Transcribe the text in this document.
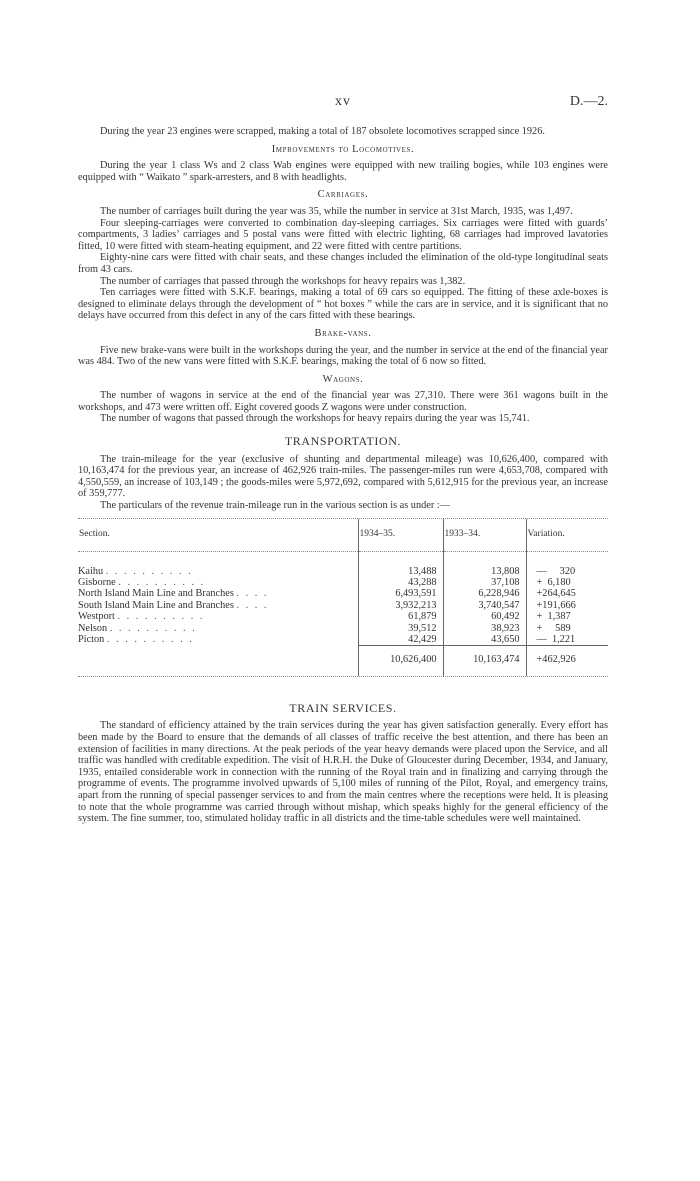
xv	D.—2.

During the year 23 engines were scrapped, making a total of 187 obsolete locomotives scrapped since 1926.

Improvements to Locomotives.

During the year 1 class Ws and 2 class Wab engines were equipped with new trailing bogies, while 103 engines were equipped with “ Waikato ” spark-arresters, and 8 with headlights.

Carriages.

The number of carriages built during the year was 35, while the number in service at 31st March, 1935, was 1,497.

Four sleeping-carriages were converted to combination day-sleeping carriages. Six carriages were fitted with guards’ compartments, 3 ladies’ carriages and 5 postal vans were fitted with electric lighting, 68 carriages had improved lavatories fitted, 10 were fitted with steam-heating equipment, and 22 were fitted with centre partitions.

Eighty-nine cars were fitted with chair seats, and these changes included the elimination of the old-type longitudinal seats from 43 cars.

The number of carriages that passed through the workshops for heavy repairs was 1,382.

Ten carriages were fitted with S.K.F. bearings, making a total of 69 cars so equipped. The fitting of these axle-boxes is designed to eliminate delays through the development of “ hot boxes ” while the cars are in service, and it is significant that no delays have occurred from this defect in any of the cars fitted with these bearings.

Brake-vans.

Five new brake-vans were built in the workshops during the year, and the number in service at the end of the financial year was 484. Two of the new vans were fitted with S.K.F. bearings, making the total of 6 now so fitted.

Wagons.

The number of wagons in service at the end of the financial year was 27,310. There were 361 wagons built in the workshops, and 473 were written off. Eight covered goods Z wagons were under construction.

The number of wagons that passed through the workshops for heavy repairs during the year was 15,741.

TRANSPORTATION.

The train-mileage for the year (exclusive of shunting and departmental mileage) was 10,626,400, compared with 10,163,474 for the previous year, an increase of 462,926 train-miles. The passenger-miles run were 4,653,708, compared with 4,550,559, an increase of 103,149 ; the goods-miles were 5,972,692, compared with 5,612,915 for the previous year, an increase of 359,777.

The particulars of the revenue train-mileage run in the various section is as under :—

Section.	1934–35.	1933–34.	Variation.
Kaihu . . . . . . . . . .	13,488	13,808	—     320
Gisborne . . . . . . . . . .	43,288	37,108	+  6,180
North Island Main Line and Branches . . . .	6,493,591	6,228,946	+264,645
South Island Main Line and Branches . . . .	3,932,213	3,740,547	+191,666
Westport . . . . . . . . . .	61,879	60,492	+  1,387
Nelson . . . . . . . . . .	39,512	38,923	+     589
Picton . . . . . . . . . .	42,429	43,650	—  1,221
	10,626,400	10,163,474	+462,926
TRAIN SERVICES.

The standard of efficiency attained by the train services during the year has given satisfaction generally. Every effort has been made by the Board to ensure that the demands of all classes of traffic receive the best attention, and there has been an extension of facilities in many directions. At the peak periods of the year heavy demands were placed upon the Service, and all traffic was handled with creditable expedition. The visit of H.R.H. the Duke of Gloucester during December, 1934, and January, 1935, entailed considerable work in connection with the running of the Royal train and in finalizing and carrying through the programme of events. The programme involved upwards of 5,100 miles of running of the Pilot, Royal, and emergency trains, apart from the running of special passenger services to and from the main centres where the receptions were held. It is pleasing to note that the whole programme was carried through without mishap, which speaks highly for the general efficiency of the system. The fine summer, too, stimulated holiday traffic in all districts and the time-table schedules were well maintained.
